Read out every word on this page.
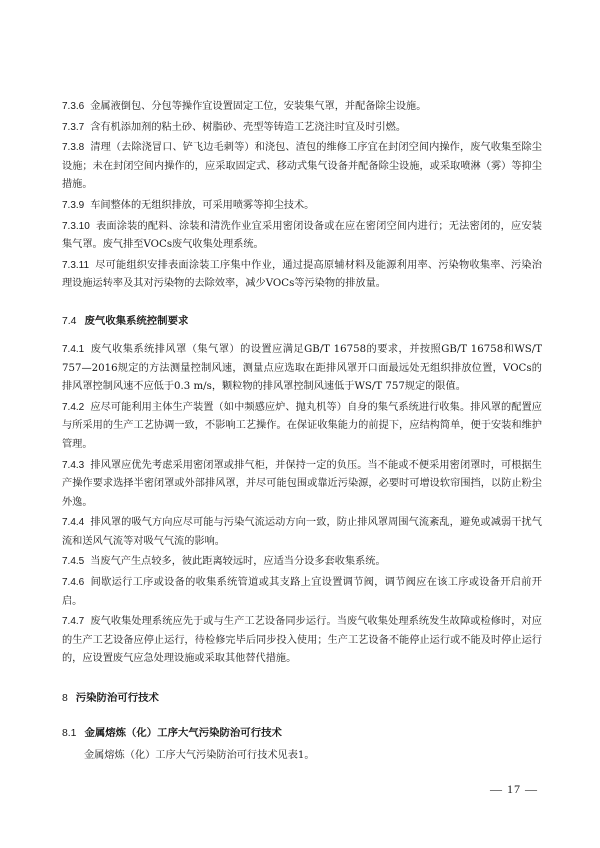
7.3.6 金属液倒包、分包等操作宜设置固定工位，安装集气罩，并配备除尘设施。

7.3.7 含有机添加剂的粘土砂、树脂砂、壳型等铸造工艺浇注时宜及时引燃。

7.3.8 清理（去除浇冒口、铲飞边毛刺等）和浇包、渣包的维修工序宜在封闭空间内操作，废气收集至除尘设施；未在封闭空间内操作的，应采取固定式、移动式集气设备并配备除尘设施，或采取喷淋（雾）等抑尘措施。

7.3.9 车间整体的无组织排放，可采用喷雾等抑尘技术。

7.3.10 表面涂装的配料、涂装和清洗作业宜采用密闭设备或在应在密闭空间内进行；无法密闭的，应安装集气罩。废气排至VOCs废气收集处理系统。

7.3.11 尽可能组织安排表面涂装工序集中作业，通过提高原辅材料及能源利用率、污染物收集率、污染治理设施运转率及其对污染物的去除效率，减少VOCs等污染物的排放量。

7.4 废气收集系统控制要求

7.4.1 废气收集系统排风罩（集气罩）的设置应满足GB/T 16758的要求，并按照GB/T 16758和WS/T 757—2016规定的方法测量控制风速，测量点应选取在距排风罩开口面最远处无组织排放位置，VOCs的排风罩控制风速不应低于0.3 m/s，颗粒物的排风罩控制风速低于WS/T 757规定的限值。

7.4.2 应尽可能利用主体生产装置（如中频感应炉、抛丸机等）自身的集气系统进行收集。排风罩的配置应与所采用的生产工艺协调一致，不影响工艺操作。在保证收集能力的前提下，应结构简单，便于安装和维护管理。

7.4.3 排风罩应优先考虑采用密闭罩或排气柜，并保持一定的负压。当不能或不便采用密闭罩时，可根据生产操作要求选择半密闭罩或外部排风罩，并尽可能包围或靠近污染源，必要时可增设软帘围挡，以防止粉尘外逸。

7.4.4 排风罩的吸气方向应尽可能与污染气流运动方向一致，防止排风罩周围气流紊乱，避免或减弱干扰气流和送风气流等对吸气气流的影响。

7.4.5 当废气产生点较多，彼此距离较远时，应适当分设多套收集系统。

7.4.6 间歇运行工序或设备的收集系统管道或其支路上宜设置调节阀，调节阀应在该工序或设备开启前开启。

7.4.7 废气收集处理系统应先于或与生产工艺设备同步运行。当废气收集处理系统发生故障或检修时，对应的生产工艺设备应停止运行，待检修完毕后同步投入使用；生产工艺设备不能停止运行或不能及时停止运行的，应设置废气应急处理设施或采取其他替代措施。

8 污染防治可行技术

8.1 金属熔炼（化）工序大气污染防治可行技术

金属熔炼（化）工序大气污染防治可行技术见表1。

— 17 —
